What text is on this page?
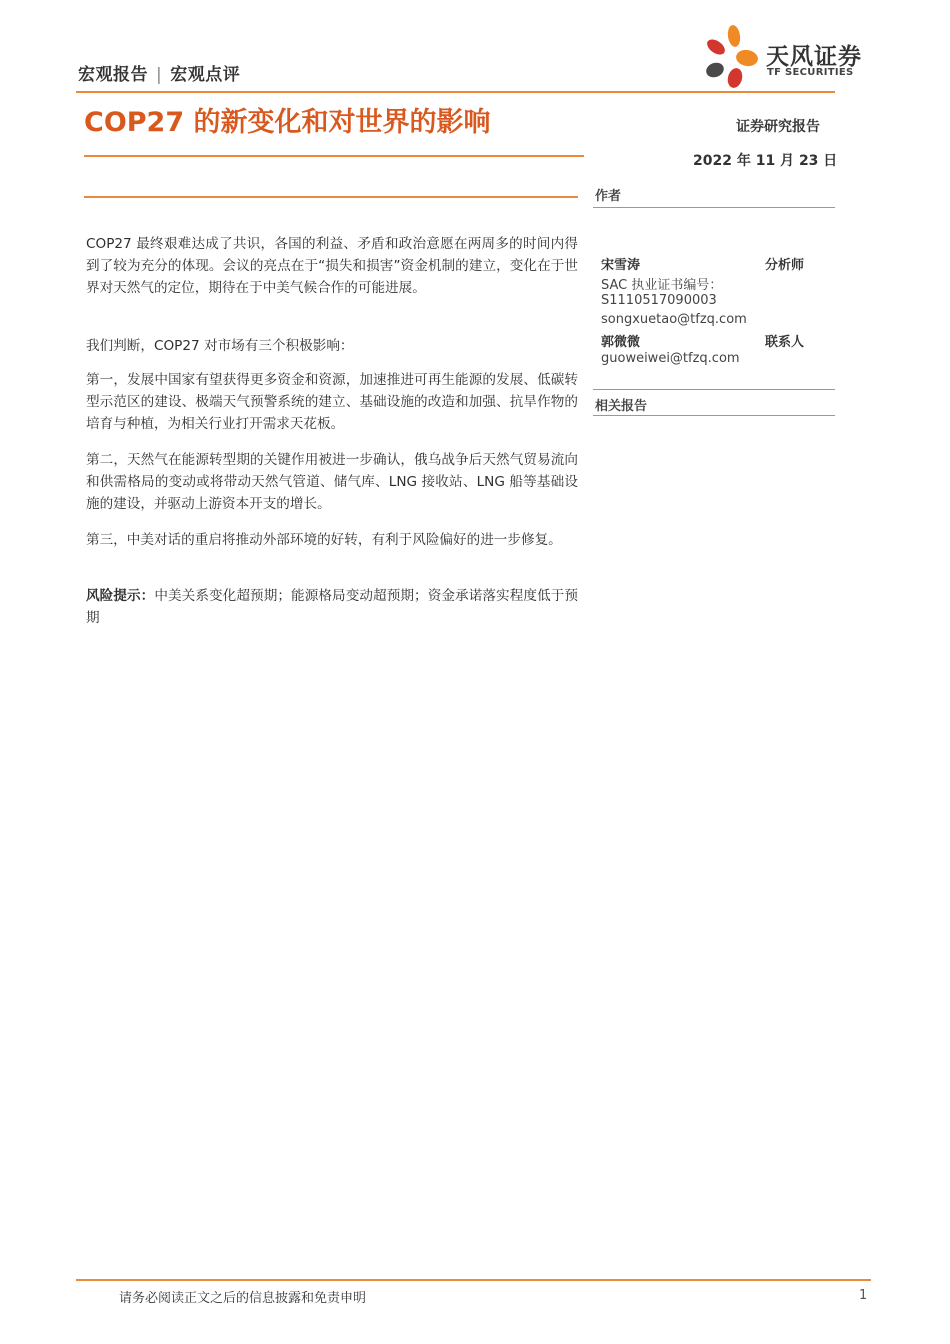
宏观报告 | 宏观点评
天风证券
TF SECURITIES
COP27 的新变化和对世界的影响	证券研究报告
2022 年 11 月 23 日
作者
宋雪涛	分析师
SAC 执业证书编号：
S1110517090003
songxuetao@tfzq.com
郭微微	联系人
guoweiwei@tfzq.com
相关报告

COP27 最终艰难达成了共识，各国的利益、矛盾和政治意愿在两周多的时间内得到了较为充分的体现。会议的亮点在于“损失和损害”资金机制的建立，变化在于世界对天然气的定位，期待在于中美气候合作的可能进展。

我们判断，COP27 对市场有三个积极影响：

第一，发展中国家有望获得更多资金和资源，加速推进可再生能源的发展、低碳转型示范区的建设、极端天气预警系统的建立、基础设施的改造和加强、抗旱作物的培育与种植，为相关行业打开需求天花板。

第二，天然气在能源转型期的关键作用被进一步确认，俄乌战争后天然气贸易流向和供需格局的变动或将带动天然气管道、储气库、LNG 接收站、LNG 船等基础设施的建设，并驱动上游资本开支的增长。

第三，中美对话的重启将推动外部环境的好转，有利于风险偏好的进一步修复。

风险提示：中美关系变化超预期；能源格局变动超预期；资金承诺落实程度低于预期

请务必阅读正文之后的信息披露和免责申明	1
